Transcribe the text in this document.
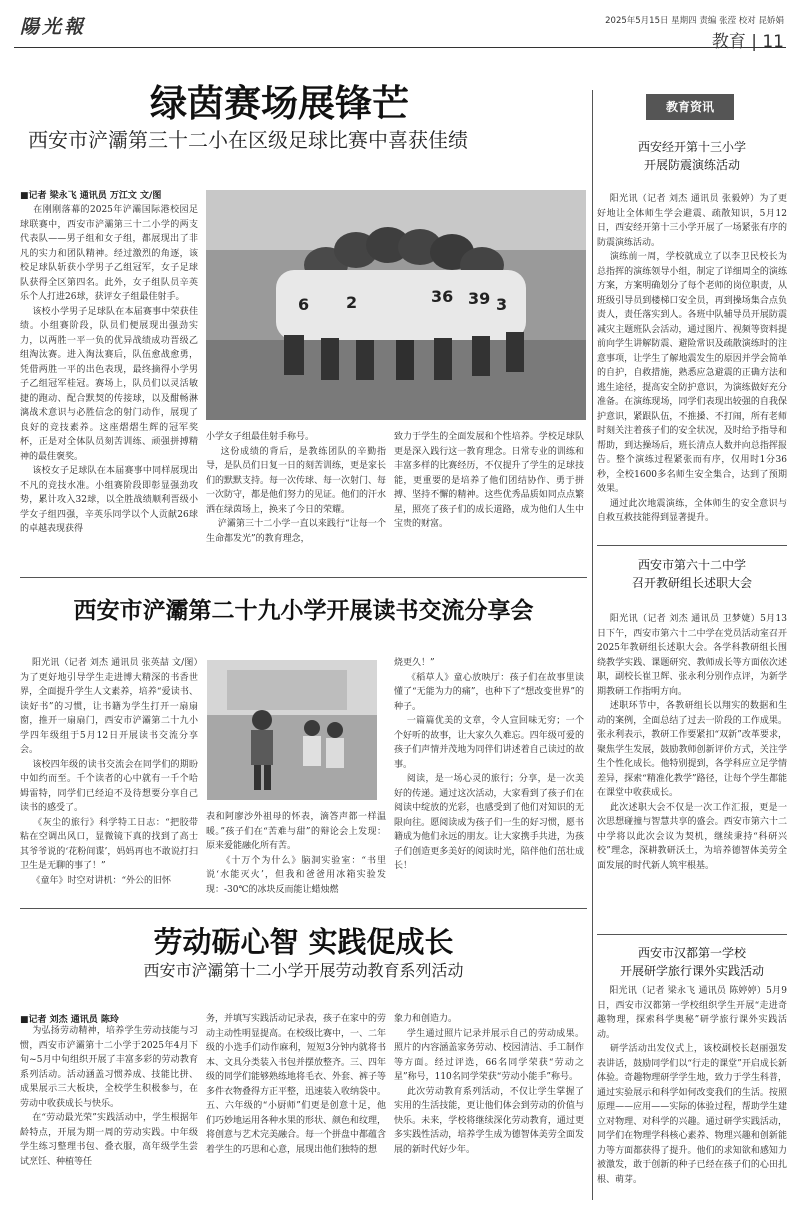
陽光報	2025年5月15日 星期四 责编 张滢 校对 昆娇娟
教育 | 11
绿茵赛场展锋芒
西安市浐灞第三十二小在区级足球比赛中喜获佳绩
■记者 梁永飞 通讯员 万江文 文/图
在刚刚落幕的2025年浐灞国际港校园足球联赛中，西安市浐灞第三十二小学的两支代表队——男子组和女子组，都展现出了非凡的实力和团队精神。经过激烈的角逐，该校足球队斩获小学男子乙组冠军，女子足球队获得全区第四名。此外，女子组队员辛英乐个人打进26球，获评女子组最佳射手。
该校小学男子足球队在本届赛事中荣获佳绩。小组赛阶段，队员们便展现出强劲实力，以两胜一平一负的优异战绩成功晋级乙组淘汰赛。进入淘汰赛后，队伍愈战愈勇，凭借两胜一平的出色表现，最终摘得小学男子乙组冠军桂冠。赛场上，队员们以灵活敏捷的跑动、配合默契的传接球，以及酣畅淋漓战术意识与必胜信念的射门动作，展现了良好的竞技素养。这座熠熠生辉的冠军奖杯，正是对全体队员刻苦训练、顽强拼搏精神的最佳褒奖。
该校女子足球队在本届赛事中同样展现出不凡的竞技水准。小组赛阶段即彰显强劲攻势，累计攻入32球，以全胜战绩顺利晋级小学女子组四强，辛英乐同学以个人贡献26球的卓越表现获得
6 2	36 39 3
小学女子组最佳射手称号。
这份成绩的背后，是教练团队的辛勤指导，是队员们日复一日的刻苦训练，更是家长们的默默支持。每一次传球、每一次射门、每一次防守，都是他们努力的见证。他们的汗水洒在绿茵场上，换来了今日的荣耀。
浐灞第三十二小学一直以来践行“让每一个生命都发光”的教育理念，
致力于学生的全面发展和个性培养。学校足球队更是深入践行这一教育理念。日常专业的训练和丰富多样的比赛经历，不仅提升了学生的足球技能，更重要的是培养了他们团结协作、勇于拼搏、坚持不懈的精神。这些优秀品质如同点点繁星，照亮了孩子们的成长道路，成为他们人生中宝贵的财富。
西安市浐灞第二十九小学开展读书交流分享会
阳光讯（记者 刘杰 通讯员 张英喆 文/图）为了更好地引导学生走进博大精深的书香世界，全面提升学生人文素养，培养“爱读书、读好书”的习惯，让书籍为学生打开一扇扇窗，推开一扇扇门，西安市浐灞第二十九小学四年级组于5月12日开展读书交流分享会。
该校四年级的读书交流会在同学们的期盼中如约而至。千个读者的心中就有一千个哈姆雷特，同学们已经迫不及待想要分享自己读书的感受了。
《灰尘的旅行》科学特工日志：“把胶带粘在空调出风口，显微镜下真的找到了高士其爷爷说的‘花粉间谍’，妈妈再也不敢说打扫卫生是无聊的事了！”
《童年》时空对讲机：“外公的旧怀
表和阿廖沙外祖母的怀表，滴答声都一样温暖。”孩子们在“苦难与甜”的辩论会上发现：原来爱能融化所有苦。
《十万个为什么》脑洞实验室：“书里说‘水能灭火’，但我和爸爸用冰箱实验发现：-30℃的冰块反而能让蜡烛燃
烧更久！”
《稻草人》童心放映厅：孩子们在故事里读懂了“无能为力的痛”，也种下了“想改变世界”的种子。
一篇篇优美的文章，令人宣回味无穷；一个个好听的故事，让大家久久难忘。四年级可爱的孩子们声情并茂地为同伴们讲述着自己读过的故事。
阅读，是一场心灵的旅行；分享，是一次美好的传递。通过这次活动，大家看到了孩子们在阅读中绽放的光彩，也感受到了他们对知识的无限向往。愿阅读成为孩子们一生的好习惯，愿书籍成为他们永远的朋友。让大家携手共进，为孩子们创造更多美好的阅读时光，陪伴他们茁壮成长！
劳动砺心智 实践促成长
西安市浐灞第十二小学开展劳动教育系列活动
■记者 刘杰 通讯员 陈玲
为弘扬劳动精神，培养学生劳动技能与习惯，西安市浐灞第十二小学于2025年4月下旬~5月中旬组织开展了丰富多彩的劳动教育系列活动。活动涵盖习惯养成、技能比拼、成果展示三大板块，全校学生积极参与，在劳动中收获成长与快乐。
在“劳动最光荣”实践活动中，学生根据年龄特点，开展为期一周的劳动实践。中年级学生练习整理书包、叠衣服，高年级学生尝试烹饪、种植等任
务，并填写实践活动记录表，孩子在家中的劳动主动性明显提高。在校级比赛中，一、二年级的小选手们动作麻利，短短3分钟内就将书本、文具分类装入书包并摆放整齐。三、四年级的同学们能够熟练地将毛衣、外套、裤子等多件衣物叠得方正平整，迅速装入收纳袋中。五、六年级的“小厨师”们更是创意十足，他们巧妙地运用各种水果的形状、颜色和纹理，将创意与艺术完美融合。每一个拼盘中都蕴含着学生的巧思和心意，展现出他们独特的想
象力和创造力。
学生通过照片记录并展示自己的劳动成果。照片的内容涵盖家务劳动、校园清洁、手工制作等方面。经过评选，66名同学荣获“劳动之星”称号，110名同学荣获“劳动小能手”称号。
此次劳动教育系列活动，不仅让学生掌握了实用的生活技能，更让他们体会到劳动的价值与快乐。未来，学校将继续深化劳动教育，通过更多实践性活动，培养学生成为德智体美劳全面发展的新时代好少年。
教育资讯
西安经开第十三小学
开展防震演练活动
阳光讯（记者 刘杰 通讯员 张毅婷）为了更好地让全体师生学会避震、疏散知识，5月12日，西安经开第十三小学开展了一场紧张有序的防震演练活动。
演练前一周，学校就成立了以李卫民校长为总指挥的演练领导小组，制定了详细周全的演练方案，方案明确划分了每个老师的岗位职责，从班级引导员到楼梯口安全员，再到操场集合点负责人，责任落实到人。各班中队辅导员开展防震减灾主题班队会活动，通过图片、视频等资料提前向学生讲解防震、避险常识及疏散演练时的注意事项，让学生了解地震发生的原因并学会简单的自护，自救措施，熟悉应急避震的正确方法和逃生途径，提高安全防护意识，为演练做好充分准备。在演练现场，同学们表现出较强的自我保护意识，紧跟队伍，不推搡、不打闹，所有老师时刻关注着孩子们的安全状况，及时给予指导和帮助，到达操场后，班长清点人数并向总指挥报告。整个演练过程紧张而有序，仅用时1分36秒，全校1600多名师生安全集合，达到了预期效果。
通过此次地震演练，全体师生的安全意识与自救互救技能得到显著提升。
西安市第六十二中学
召开教研组长述职大会
阳光讯（记者 刘杰 通讯员 卫梦婕）5月13日下午，西安市第六十二中学在党员活动室召开2025年教研组长述职大会。各学科教研组长围绕教学实践、课题研究、教师成长等方面依次述职，副校长崔卫辉、张永利分别作点评，为新学期教研工作指明方向。
述职环节中，各教研组长以翔实的数据和生动的案例，全面总结了过去一阶段的工作成果。张永利表示，教研工作要紧扣“双新”改革要求，聚焦学生发展，鼓励教师创新评价方式，关注学生个性化成长。他特别提到，各学科应立足学情差异，探索“精准化教学”路径，让每个学生都能在课堂中收获成长。
此次述职大会不仅是一次工作汇报，更是一次思想碰撞与智慧共享的盛会。西安市第六十二中学将以此次会议为契机，继续秉持“科研兴校”理念，深耕教研沃土，为培养德智体美劳全面发展的时代新人筑牢根基。
西安市汉都第一学校
开展研学旅行课外实践活动
阳光讯（记者 梁永飞 通讯员 陈婷婷）5月9日，西安市汉都第一学校组织学生开展“走进奇趣物理，探索科学奥秘”研学旅行课外实践活动。
研学活动出发仪式上，该校副校长赵丽强发表讲话，鼓励同学们以“行走的课堂”开启成长新体验。奇趣物理研学学生地，致力于学生科普，通过实验展示和科学如何改变我们的生活。按照原理——应用——实际的体验过程，帮助学生建立对物理、对科学的兴趣。通过研学实践活动，同学们在物理学科核心素养、物理兴趣和创新能力等方面都获得了提升。他们的求知欲和感知力被激发，敢于创新的种子已经在孩子们的心田扎根、萌芽。
